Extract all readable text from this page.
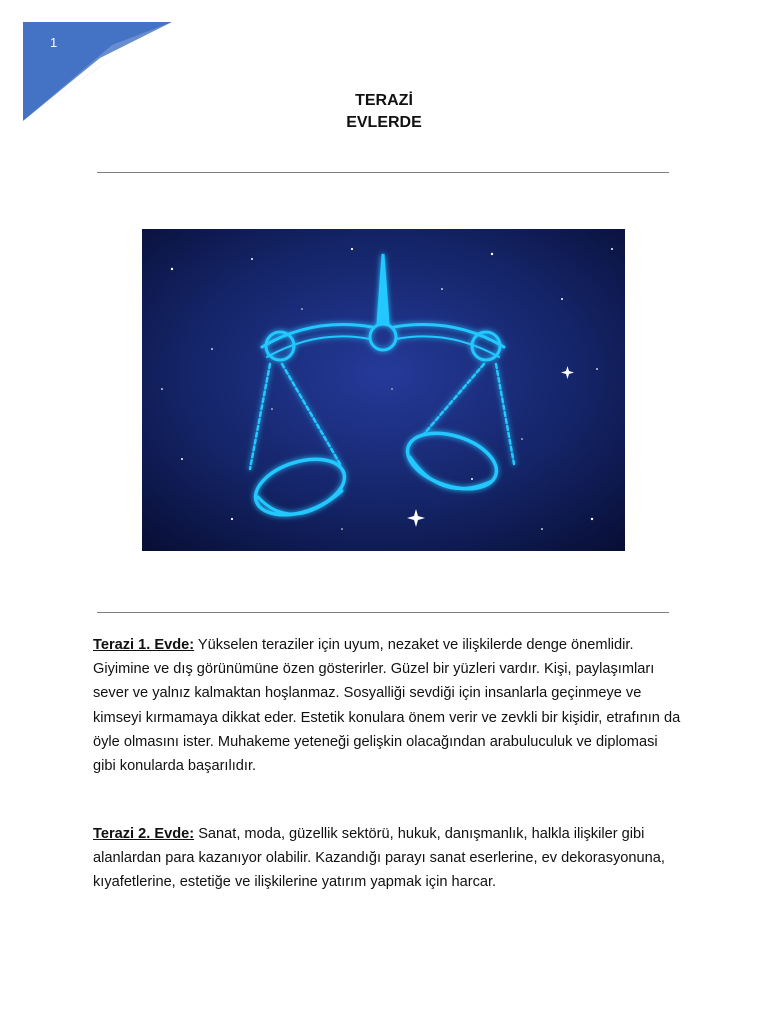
1
TERAZİ
EVLERDE

Terazi 1. Evde: Yükselen teraziler için uyum, nezaket ve ilişkilerde denge önemlidir. Giyimine ve dış görünümüne özen gösterirler. Güzel bir yüzleri vardır. Kişi, paylaşımları sever ve yalnız kalmaktan hoşlanmaz. Sosyalliği sevdiği için insanlarla geçinmeye ve kimseyi kırmamaya dikkat eder. Estetik konulara önem verir ve zevkli bir kişidir, etrafının da öyle olmasını ister. Muhakeme yeteneği gelişkin olacağından arabuluculuk ve diplomasi gibi konularda başarılıdır.

Terazi 2. Evde: Sanat, moda, güzellik sektörü, hukuk, danışmanlık, halkla ilişkiler gibi alanlardan para kazanıyor olabilir. Kazandığı parayı sanat eserlerine, ev dekorasyonuna, kıyafetlerine, estetiğe ve ilişkilerine yatırım yapmak için harcar.
